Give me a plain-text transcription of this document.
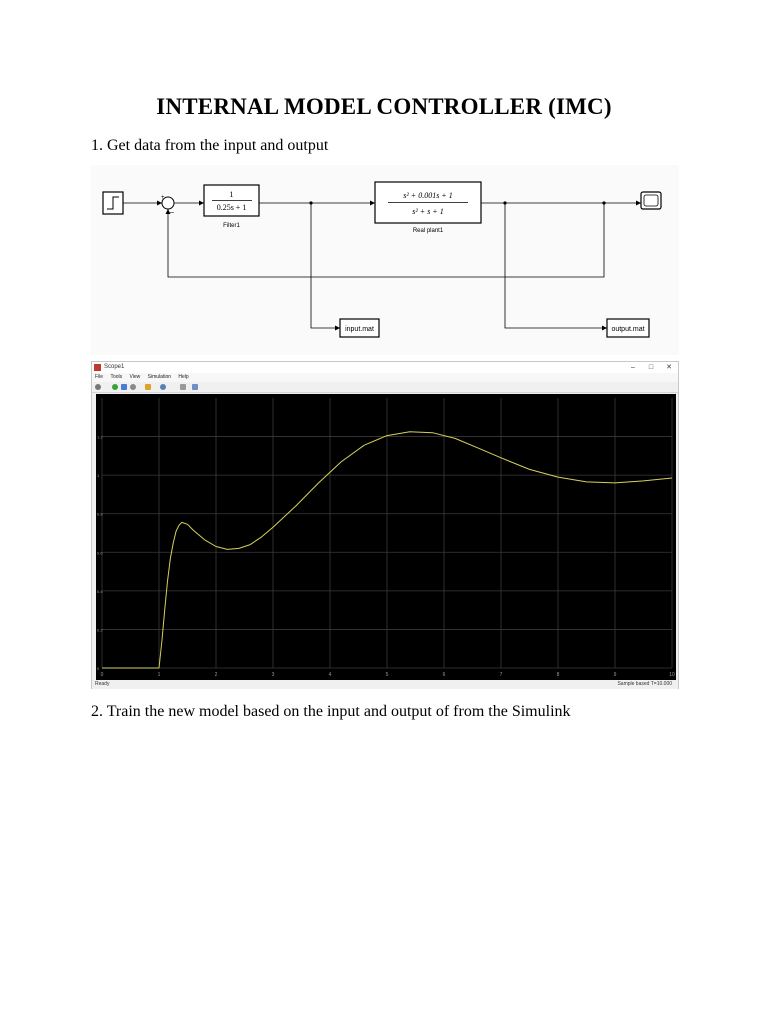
INTERNAL MODEL CONTROLLER (IMC)
1. Get data from the input and output
+
–
1
0.25s + 1
Filter1
s² + 0.001s + 1
s² + s + 1
Real plant1
input.mat	output.mat
Scope1	–	□	✕
File Tools View Simulation Help
0	1	2	3	4	5	6	7	8	9	10
0
0.2
0.4
0.6
0.8
1
1.2
Ready	Sample based T=10.000
2. Train the new model based on the input and output of from the Simulink
